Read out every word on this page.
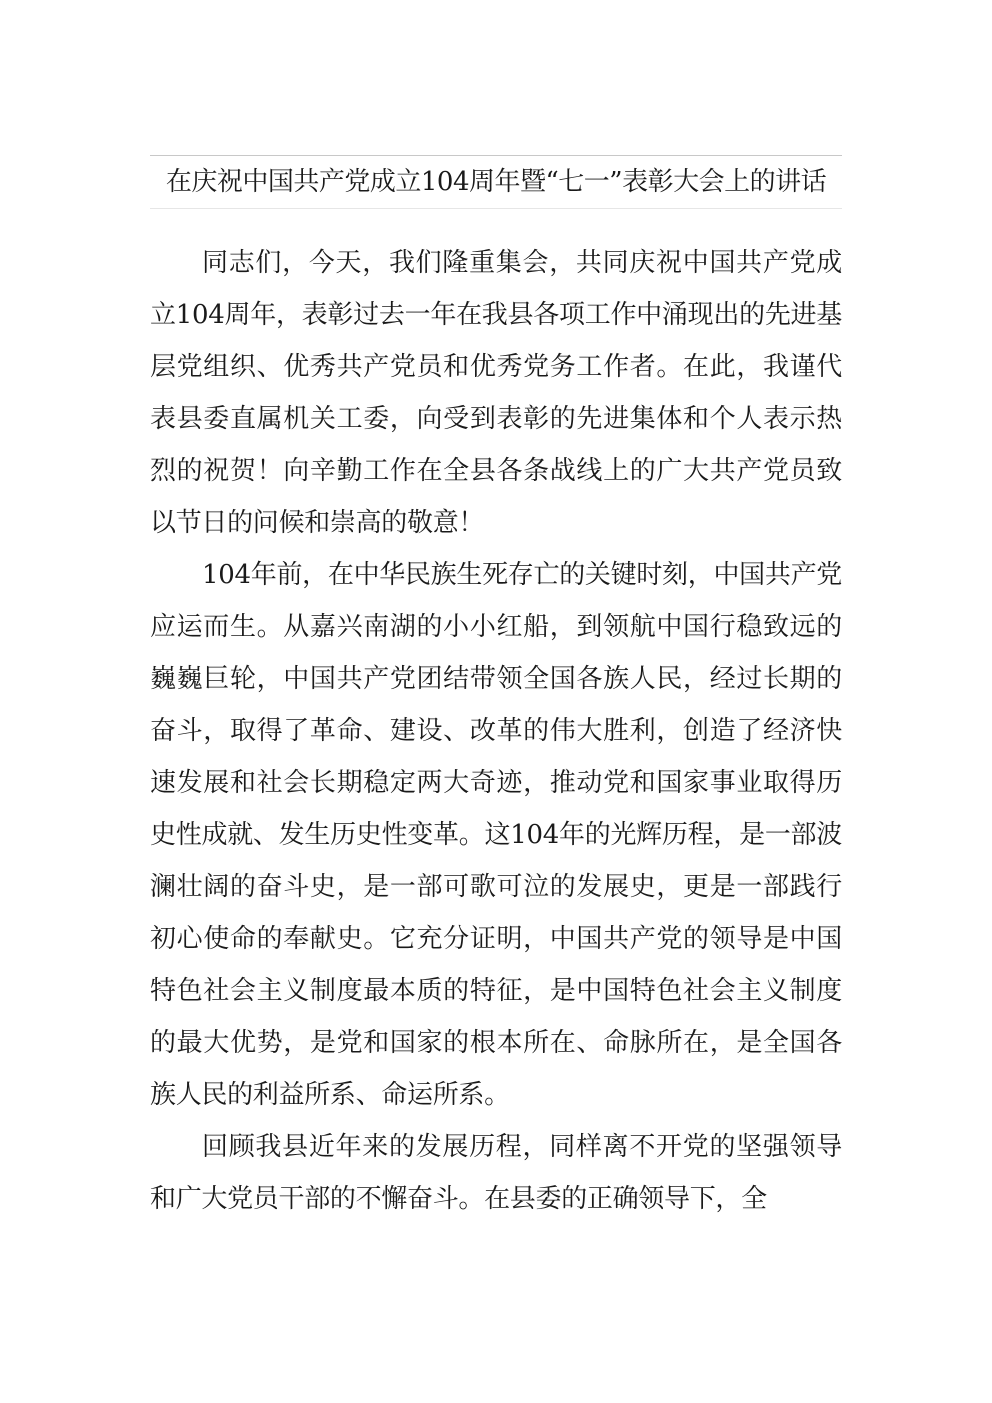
在庆祝中国共产党成立104周年暨“七一”表彰大会上的讲话

同志们，今天，我们隆重集会，共同庆祝中国共产党成立104周年，表彰过去一年在我县各项工作中涌现出的先进基层党组织、优秀共产党员和优秀党务工作者。在此，我谨代表县委直属机关工委，向受到表彰的先进集体和个人表示热烈的祝贺！向辛勤工作在全县各条战线上的广大共产党员致以节日的问候和崇高的敬意！

104年前，在中华民族生死存亡的关键时刻，中国共产党应运而生。从嘉兴南湖的小小红船，到领航中国行稳致远的巍巍巨轮，中国共产党团结带领全国各族人民，经过长期的奋斗，取得了革命、建设、改革的伟大胜利，创造了经济快速发展和社会长期稳定两大奇迹，推动党和国家事业取得历史性成就、发生历史性变革。这104年的光辉历程，是一部波澜壮阔的奋斗史，是一部可歌可泣的发展史，更是一部践行初心使命的奉献史。它充分证明，中国共产党的领导是中国特色社会主义制度最本质的特征，是中国特色社会主义制度的最大优势，是党和国家的根本所在、命脉所在，是全国各族人民的利益所系、命运所系。

回顾我县近年来的发展历程，同样离不开党的坚强领导和广大党员干部的不懈奋斗。在县委的正确领导下，全
